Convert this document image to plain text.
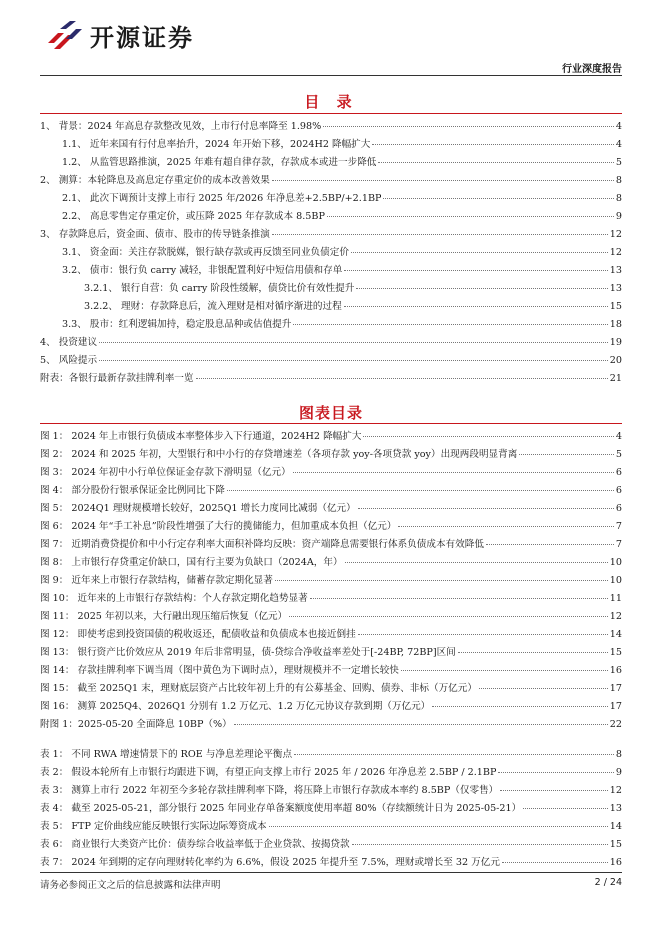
开源证券
行业深度报告
目 录
1、 背景：2024 年高息存款整改见效，上市行付息率降至 1.98%	4
1.1、 近年来国有行付息率抬升，2024 年开始下移，2024H2 降幅扩大	4
1.2、 从监管思路推演，2025 年难有超自律存款，存款成本或进一步降低	5
2、 测算：本轮降息及高息定存重定价的成本改善效果	8
2.1、 此次下调预计支撑上市行 2025 年/2026 年净息差+2.5BP/+2.1BP	8
2.2、 高息零售定存重定价，或压降 2025 年存款成本 8.5BP	9
3、 存款降息后，资金面、债市、股市的传导链条推演	12
3.1、 资金面：关注存款脱媒，银行缺存款或再反馈至同业负债定价	12
3.2、 债市：银行负 carry 减轻，非银配置利好中短信用债和存单	13
3.2.1、 银行自营：负 carry 阶段性缓解，债贷比价有效性提升	13
3.2.2、 理财：存款降息后，流入理财是相对循序渐进的过程	15
3.3、 股市：红利逻辑加持，稳定股息品种或估值提升	18
4、 投资建议	19
5、 风险提示	20
附表：各银行最新存款挂牌利率一览	21
图表目录
图 1： 2024 年上市银行负债成本率整体步入下行通道，2024H2 降幅扩大	4
图 2： 2024 和 2025 年初，大型银行和中小行的存贷增速差（各项存款 yoy-各项贷款 yoy）出现两段明显背离	5
图 3： 2024 年初中小行单位保证金存款下滑明显（亿元）	6
图 4： 部分股份行银承保证金比例同比下降	6
图 5： 2024Q1 理财规模增长较好，2025Q1 增长力度同比减弱（亿元）	6
图 6： 2024 年“手工补息”阶段性增强了大行的揽储能力，但加重成本负担（亿元）	7
图 7： 近期消费贷提价和中小行定存利率大面积补降均反映：资产端降息需要银行体系负债成本有效降低	7
图 8： 上市银行存贷重定价缺口，国有行主要为负缺口（2024A，年）	10
图 9： 近年来上市银行存款结构，储蓄存款定期化显著	10
图 10： 近年来的上市银行存款结构：个人存款定期化趋势显著	11
图 11： 2025 年初以来，大行融出现压缩后恢复（亿元）	12
图 12： 即使考虑到投资国债的税收返还，配债收益和负债成本也接近倒挂	14
图 13： 银行资产比价效应从 2019 年后非常明显，债-贷综合净收益率差处于[-24BP, 72BP]区间	15
图 14： 存款挂牌利率下调当周（图中黄色为下调时点），理财规模并不一定增长较快	16
图 15： 截至 2025Q1 末，理财底层资产占比较年初上升的有公募基金、回购、债券、非标（万亿元）	17
图 16： 测算 2025Q4、2026Q1 分别有 1.2 万亿元、1.2 万亿元协议存款到期（万亿元）	17
附图 1：2025-05-20 全面降息 10BP（%）	22
表 1： 不同 RWA 增速情景下的 ROE 与净息差理论平衡点	8
表 2： 假设本轮所有上市银行均跟进下调，有望正向支撑上市行 2025 年 / 2026 年净息差 2.5BP / 2.1BP	9
表 3： 测算上市行 2022 年初至今多轮存款挂牌利率下降，将压降上市银行存款成本率约 8.5BP（仅零售）	12
表 4： 截至 2025-05-21，部分银行 2025 年同业存单备案额度使用率超 80%（存续额统计日为 2025-05-21）	13
表 5： FTP 定价曲线应能反映银行实际边际筹资成本	14
表 6： 商业银行大类资产比价：债券综合收益率低于企业贷款、按揭贷款	15
表 7： 2024 年到期的定存向理财转化率约为 6.6%，假设 2025 年提升至 7.5%，理财或增长至 32 万亿元	16
请务必参阅正文之后的信息披露和法律声明	2 / 24
